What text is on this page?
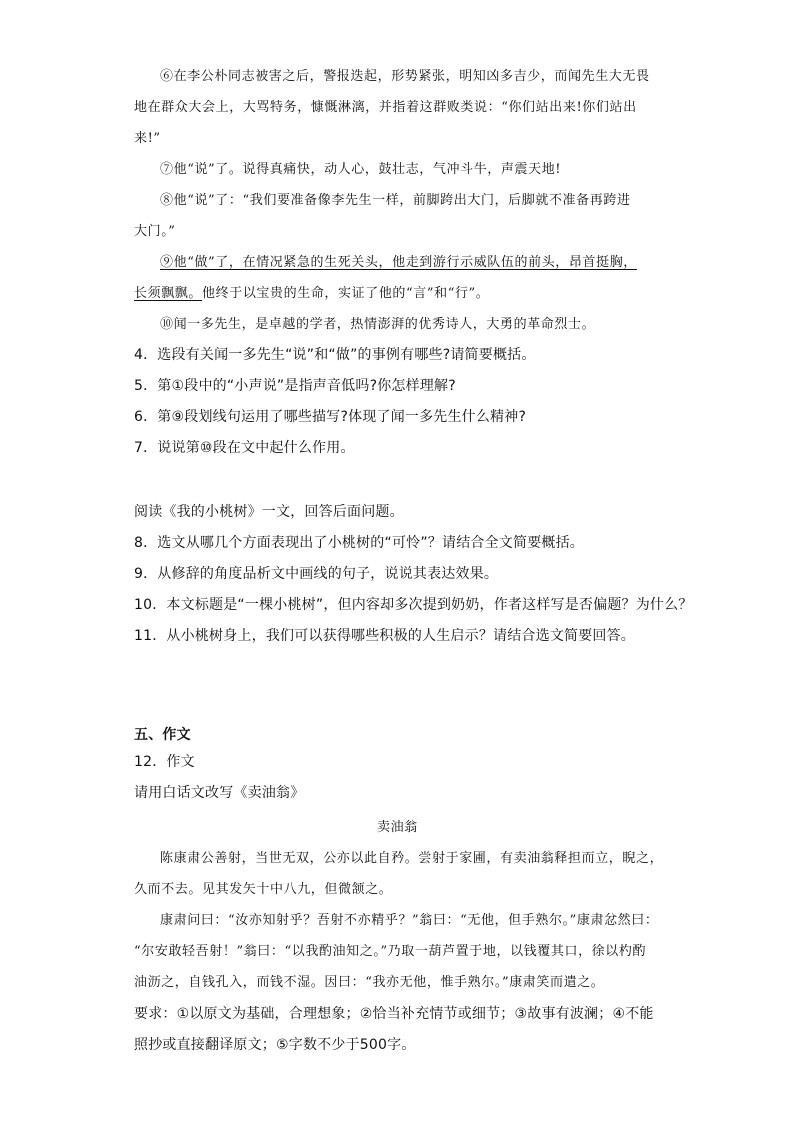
⑥在李公朴同志被害之后，警报迭起，形势紧张，明知凶多吉少，而闻先生大无畏
地在群众大会上，大骂特务，慷慨淋漓，并指着这群败类说：“你们站出来!你们站出
来!”
⑦他“说”了。说得真痛快，动人心，鼓壮志，气冲斗牛，声震天地!
⑧他“说”了：“我们要准备像李先生一样，前脚跨出大门，后脚就不准备再跨进
大门。”
⑨他“做”了，在情况紧急的生死关头，他走到游行示威队伍的前头，昂首挺胸，
长须飘飘。他终于以宝贵的生命，实证了他的“言”和“行”。
⑩闻一多先生，是卓越的学者，热情澎湃的优秀诗人，大勇的革命烈士。
4．选段有关闻一多先生“说”和“做”的事例有哪些?请简要概括。
5．第①段中的“小声说”是指声音低吗?你怎样理解?
6．第⑨段划线句运用了哪些描写?体现了闻一多先生什么精神?
7．说说第⑩段在文中起什么作用。
阅读《我的小桃树》一文，回答后面问题。
8．选文从哪几个方面表现出了小桃树的“可怜”？请结合全文简要概括。
9．从修辞的角度品析文中画线的句子，说说其表达效果。
10．本文标题是“一棵小桃树”，但内容却多次提到奶奶，作者这样写是否偏题？为什么？
11．从小桃树身上，我们可以获得哪些积极的人生启示？请结合选文简要回答。
五、作文
12．作文
请用白话文改写《卖油翁》
卖油翁
陈康肃公善射，当世无双，公亦以此自矜。尝射于家圃，有卖油翁释担而立，睨之，
久而不去。见其发矢十中八九，但微颔之。
康肃问曰：“汝亦知射乎？吾射不亦精乎？”翁曰：“无他，但手熟尔。”康肃忿然曰：
“尔安敢轻吾射！”翁曰：“以我酌油知之。”乃取一葫芦置于地，以钱覆其口，徐以杓酌
油沥之，自钱孔入，而钱不湿。因曰：“我亦无他，惟手熟尔。”康肃笑而遣之。
要求：①以原文为基础，合理想象；②恰当补充情节或细节；③故事有波澜；④不能
照抄或直接翻译原文；⑤字数不少于500字。
